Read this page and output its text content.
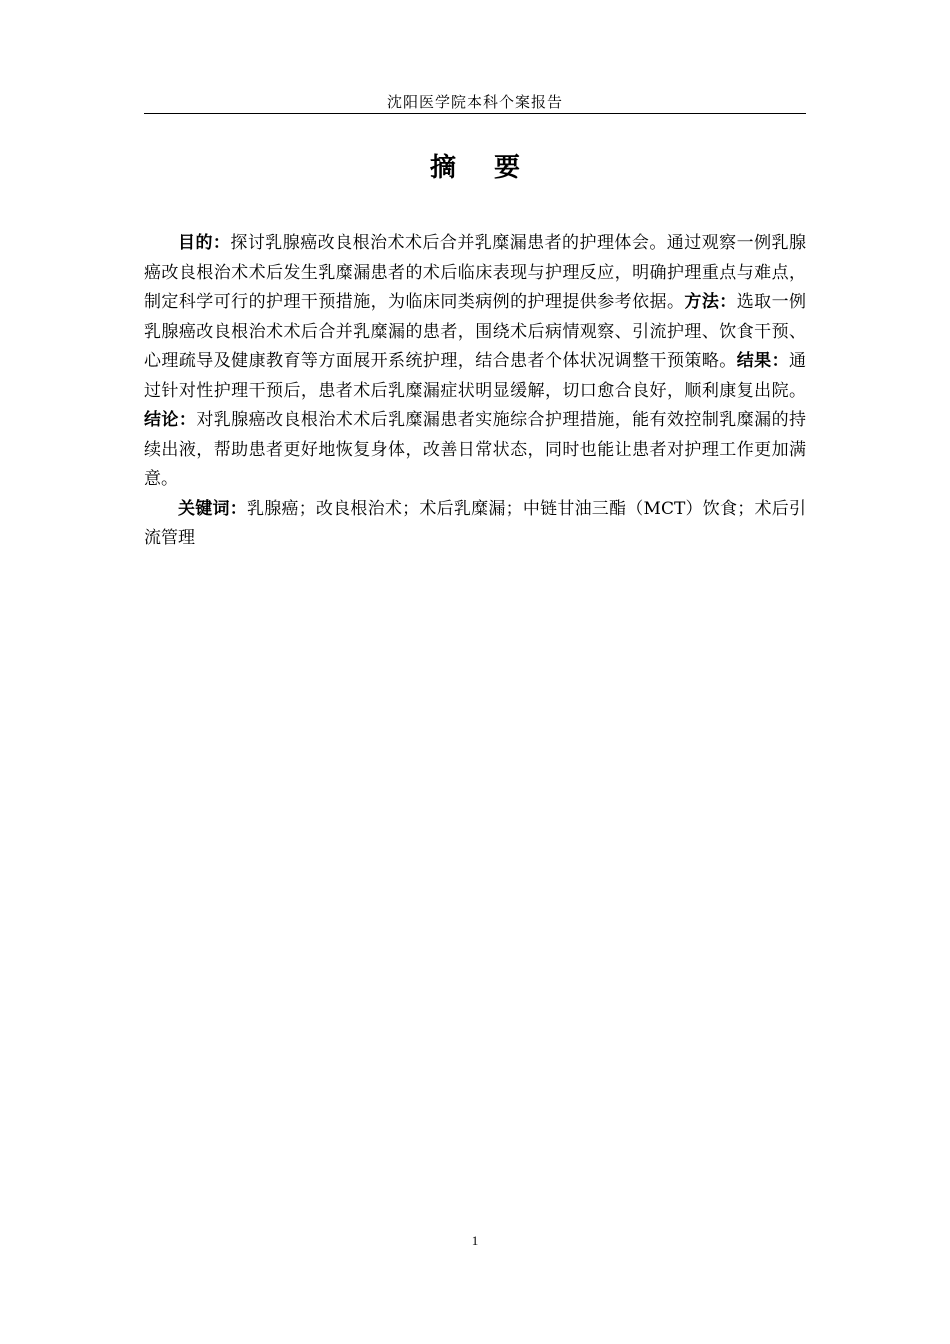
沈阳医学院本科个案报告
摘 要

目的：探讨乳腺癌改良根治术术后合并乳糜漏患者的护理体会。通过观察一例乳腺癌改良根治术术后发生乳糜漏患者的术后临床表现与护理反应，明确护理重点与难点，制定科学可行的护理干预措施，为临床同类病例的护理提供参考依据。方法：选取一例乳腺癌改良根治术术后合并乳糜漏的患者，围绕术后病情观察、引流护理、饮食干预、心理疏导及健康教育等方面展开系统护理，结合患者个体状况调整干预策略。结果：通过针对性护理干预后，患者术后乳糜漏症状明显缓解，切口愈合良好，顺利康复出院。结论：对乳腺癌改良根治术术后乳糜漏患者实施综合护理措施，能有效控制乳糜漏的持续出液，帮助患者更好地恢复身体，改善日常状态，同时也能让患者对护理工作更加满意。

关键词：乳腺癌；改良根治术；术后乳糜漏；中链甘油三酯（MCT）饮食；术后引流管理

1
